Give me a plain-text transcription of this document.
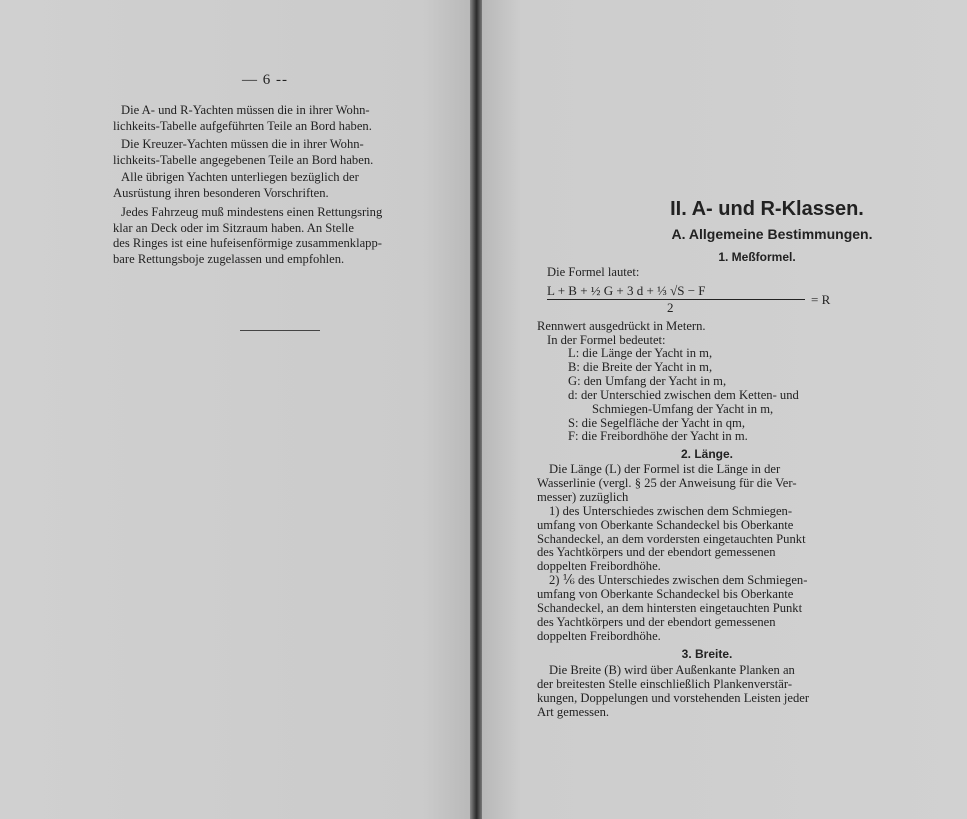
— 6 --

Die A- und R-Yachten müssen die in ihrer Wohn-
lichkeits-Tabelle aufgeführten Teile an Bord haben.

Die Kreuzer-Yachten müssen die in ihrer Wohn-
lichkeits-Tabelle angegebenen Teile an Bord haben.

Alle übrigen Yachten unterliegen bezüglich der
Ausrüstung ihren besonderen Vorschriften.

Jedes Fahrzeug muß mindestens einen Rettungsring
klar an Deck oder im Sitzraum haben. An Stelle
des Ringes ist eine hufeisenförmige zusammenklapp-
bare Rettungsboje zugelassen und empfohlen.

II. A- und R-Klassen.
A. Allgemeine Bestimmungen.
1. Meßformel.

Die Formel lautet:

L + B + ½ G + 3 d + ⅓ √S − F
2
= R

Rennwert ausgedrückt in Metern.
In der Formel bedeutet:

L: die Länge der Yacht in m,
B: die Breite der Yacht in m,
G: den Umfang der Yacht in m,
d: der Unterschied zwischen dem Ketten- und
Schmiegen-Umfang der Yacht in m,
S: die Segelfläche der Yacht in qm,
F: die Freibordhöhe der Yacht in m.

2. Länge.

Die Länge (L) der Formel ist die Länge in der
Wasserlinie (vergl. § 25 der Anweisung für die Ver-
messer) zuzüglich
1) des Unterschiedes zwischen dem Schmiegen-
umfang von Oberkante Schandeckel bis Oberkante
Schandeckel, an dem vordersten eingetauchten Punkt
des Yachtkörpers und der ebendort gemessenen
doppelten Freibordhöhe.
2) ⅙ des Unterschiedes zwischen dem Schmiegen-
umfang von Oberkante Schandeckel bis Oberkante
Schandeckel, an dem hintersten eingetauchten Punkt
des Yachtkörpers und der ebendort gemessenen
doppelten Freibordhöhe.

3. Breite.

Die Breite (B) wird über Außenkante Planken an
der breitesten Stelle einschließlich Plankenverstär-
kungen, Doppelungen und vorstehenden Leisten jeder
Art gemessen.
